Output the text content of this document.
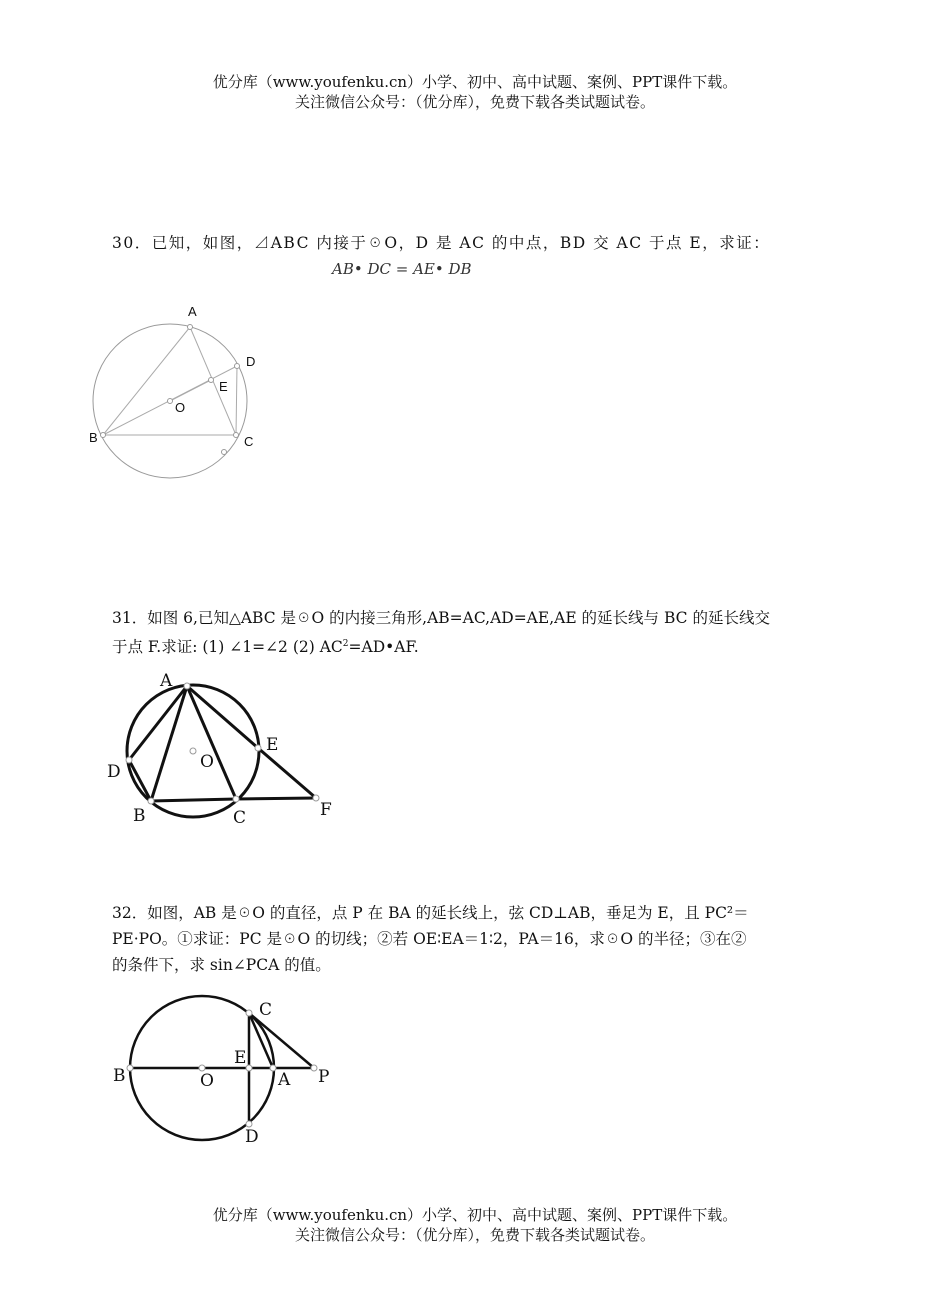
优分库（www.youfenku.cn）小学、初中、高中试题、案例、PPT课件下载。
关注微信公众号：（优分库），免费下载各类试题试卷。
30．已知，如图，⊿ABC 内接于☉O，D 是 AC 的中点，BD 交 AC 于点 E，求证：
AB• DC = AE• DB
A
D
E
O
B	C
31．如图 6,已知△ABC 是☉O 的内接三角形,AB=AC,AD=AE,AE 的延长线与 BC 的延长线交
于点 F.求证: (1) ∠1=∠2 (2) $AC^2=AD•AF$.
A
D	O
E
B	C	F
32．如图，AB 是☉O 的直径，点 P 在 BA 的延长线上，弦 CD⊥AB，垂足为 E，且 PC²＝
PE·PO。①求证：PC 是☉O 的切线；②若 OE∶EA＝1∶2，PA＝16，求☉O 的半径；③在②
的条件下，求 sin∠PCA 的值。
C
B	O
E
A P
D
优分库（www.youfenku.cn）小学、初中、高中试题、案例、PPT课件下载。
关注微信公众号：（优分库），免费下载各类试题试卷。
